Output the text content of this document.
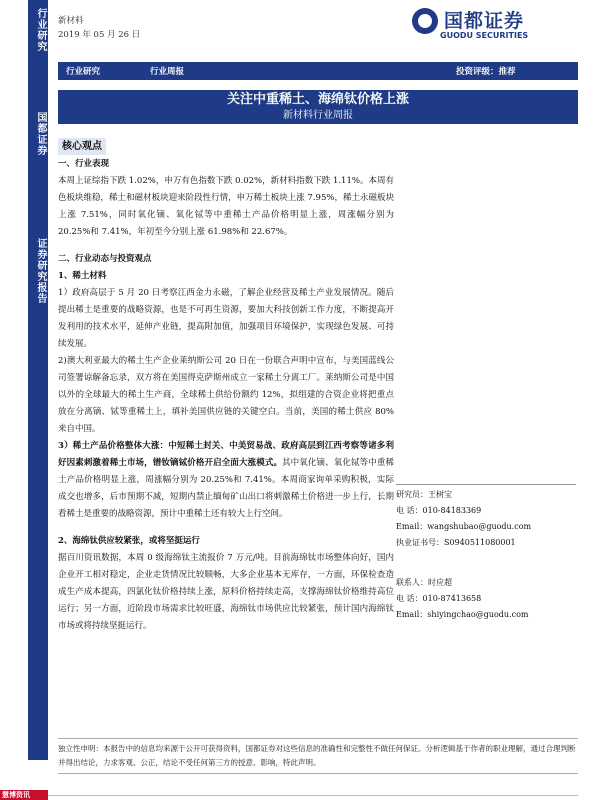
行业研究
国都证券
证券研究报告
新材料
2019 年 05 月 26 日
国都证券
GUODU SECURITIES
行业研究	行业周报	投资评级：推荐
关注中重稀土、海绵钛价格上涨
新材料行业周报
核心观点
一、行业表现

本周上证综指下跌 1.02%，申万有色指数下跌 0.02%，新材料指数下跌 1.11%。本周有色板块维稳，稀土和磁材板块迎来阶段性行情，申万稀土板块上涨 7.95%，稀土永磁板块上涨 7.51%，同时氧化镝、氧化铽等中重稀土产品价格明显上涨，周涨幅分别为 20.25%和 7.41%，年初至今分别上涨 61.98%和 22.67%。

二、行业动态与投资观点
1、稀土材料

1）政府高层于 5 月 20 日考察江西金力永磁，了解企业经营及稀土产业发展情况。随后提出稀土是重要的战略资源，也是不可再生资源，要加大科技创新工作力度，不断提高开发利用的技术水平，延伸产业链，提高附加值，加强项目环境保护，实现绿色发展、可持续发展。

2)澳大利亚最大的稀土生产企业莱纳斯公司 20 日在一份联合声明中宣布，与美国蓝线公司签署谅解备忘录，双方将在美国得克萨斯州成立一家稀土分离工厂。莱纳斯公司是中国以外的全球最大的稀土生产商，全球稀土供给份额约 12%，拟组建的合资企业将把重点放在分离镝、铽等重稀土上，填补美国供应链的关键空白。当前，美国的稀土供应 80%来自中国。

3）稀土产品价格整体大涨：中短稀土封关、中美贸易战、政府高层到江西考察等诸多利好因素刺激着稀土市场，镨钕镝铽价格开启全面大涨模式。其中氧化镝、氧化铽等中重稀土产品价格明显上涨，周涨幅分别为 20.25%和 7.41%。本周商家询单采购积极，实际成交也增多，后市预期不减，短期内禁止缅甸矿山出口将刺激稀土价格进一步上行，长期看稀土是重要的战略资源，预计中重稀土还有较大上行空间。

2、海绵钛供应较紧张，或将坚挺运行

据百川资讯数据，本周 0 级海绵钛主流报价 7 万元/吨。目前海绵钛市场整体向好，国内企业开工相对稳定，企业走货情况比较顺畅，大多企业基本无库存，一方面，环保检查造成生产成本提高，四氯化钛价格持续上涨，原料价格持续走高，支撑海绵钛价格维持高位运行；另一方面，近阶段市场需求比较旺盛，海绵钛市场供应比较紧张，预计国内海绵钛市场或将持续坚挺运行。

研究员：王树宝
电 话：010-84183369
Email：wangshubao@guodu.com
执业证书号：S0940511080001
联系人：时应超
电 话：010-87413658
Email：shiyingchao@guodu.com
独立性申明：本报告中的信息均来源于公开可获得资料，国都证券对这些信息的准确性和完整性不做任何保证。分析逻辑基于作者的职业理解，通过合理判断并得出结论，力求客观、公正，结论不受任何第三方的授意、影响，特此声明。
慧博资讯
